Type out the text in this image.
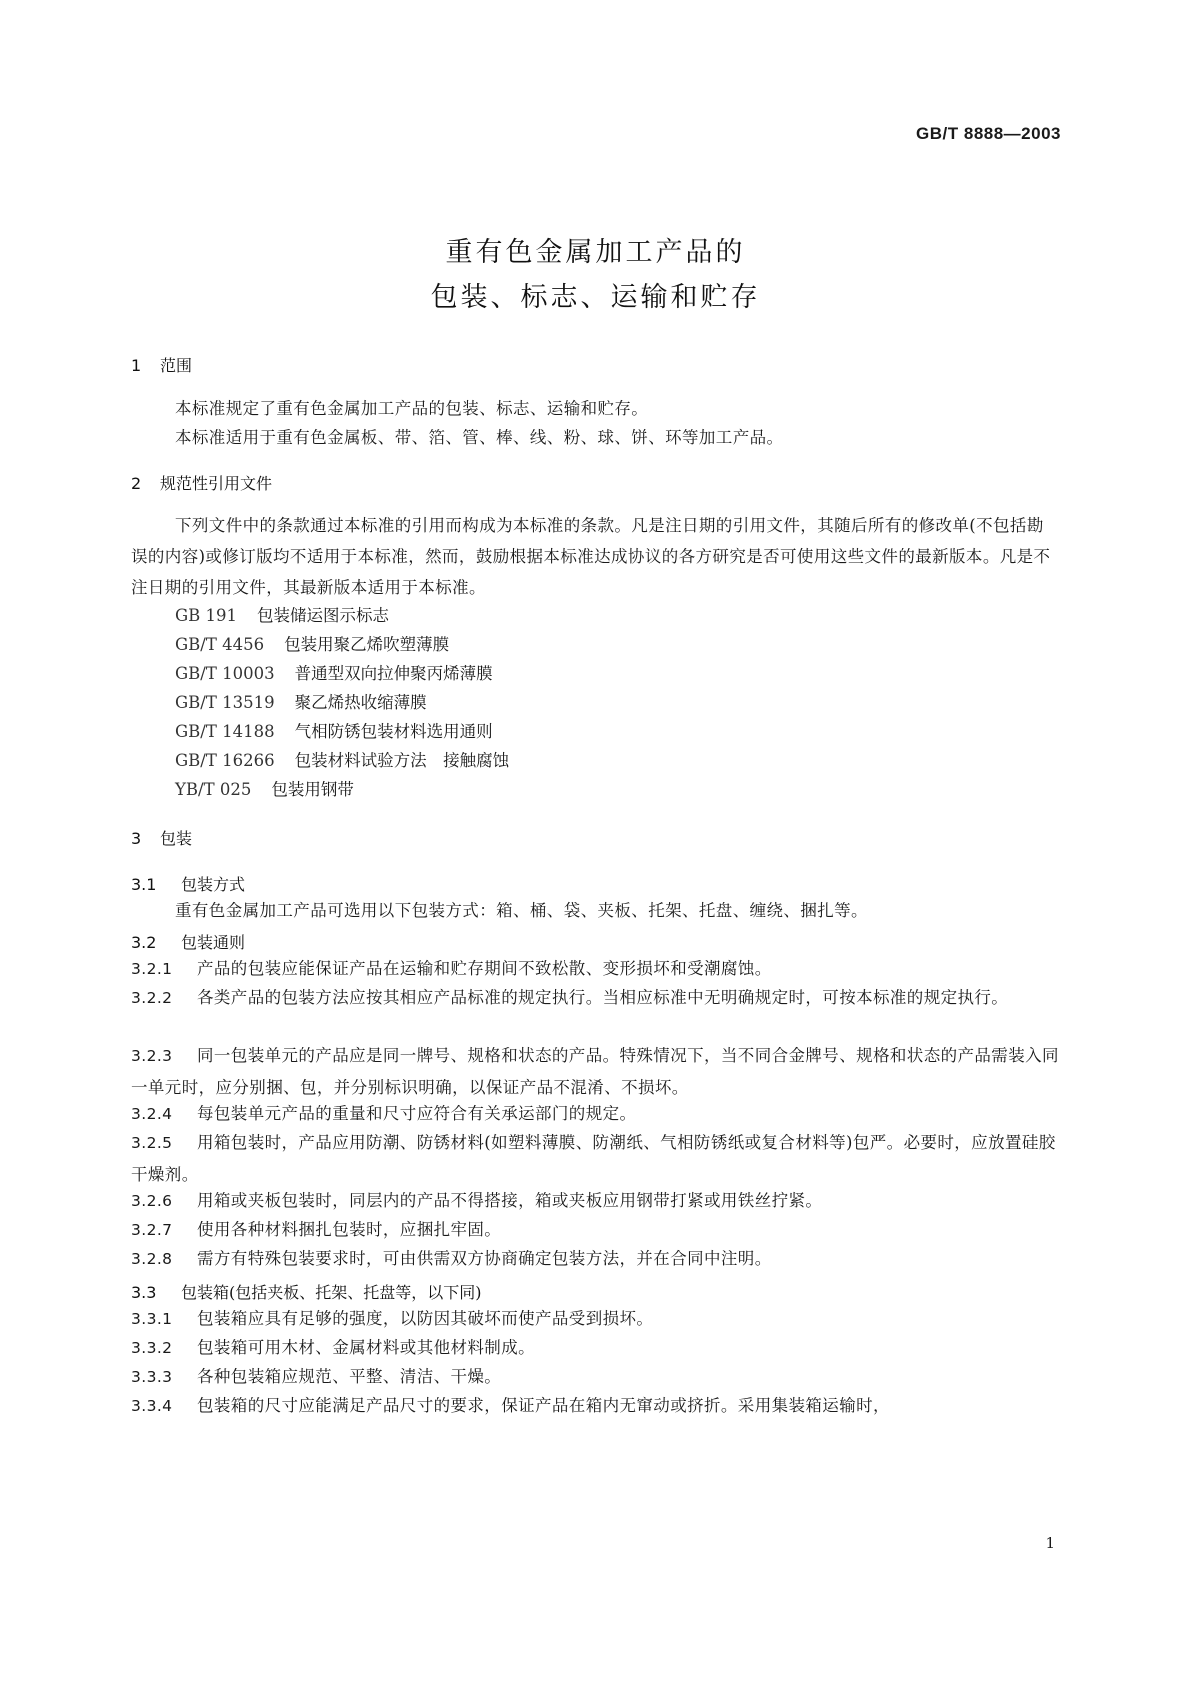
GB/T 8888—2003
重有色金属加工产品的
包装、标志、运输和贮存
1 范围
本标准规定了重有色金属加工产品的包装、标志、运输和贮存。
本标准适用于重有色金属板、带、箔、管、棒、线、粉、球、饼、环等加工产品。
2 规范性引用文件
下列文件中的条款通过本标准的引用而构成为本标准的条款。凡是注日期的引用文件，其随后所有的修改单(不包括勘误的内容)或修订版均不适用于本标准，然而，鼓励根据本标准达成协议的各方研究是否可使用这些文件的最新版本。凡是不注日期的引用文件，其最新版本适用于本标准。
GB 191 包装储运图示标志
GB/T 4456 包装用聚乙烯吹塑薄膜
GB/T 10003 普通型双向拉伸聚丙烯薄膜
GB/T 13519 聚乙烯热收缩薄膜
GB/T 14188 气相防锈包装材料选用通则
GB/T 16266 包装材料试验方法　接触腐蚀
YB/T 025 包装用钢带
3 包装
3.1 包装方式
重有色金属加工产品可选用以下包装方式：箱、桶、袋、夹板、托架、托盘、缠绕、捆扎等。
3.2 包装通则
3.2.1 产品的包装应能保证产品在运输和贮存期间不致松散、变形损坏和受潮腐蚀。
3.2.2 各类产品的包装方法应按其相应产品标准的规定执行。当相应标准中无明确规定时，可按本标准的规定执行。
3.2.3 同一包装单元的产品应是同一牌号、规格和状态的产品。特殊情况下，当不同合金牌号、规格和状态的产品需装入同一单元时，应分别捆、包，并分别标识明确，以保证产品不混淆、不损坏。
3.2.4 每包装单元产品的重量和尺寸应符合有关承运部门的规定。
3.2.5 用箱包装时，产品应用防潮、防锈材料(如塑料薄膜、防潮纸、气相防锈纸或复合材料等)包严。必要时，应放置硅胶干燥剂。
3.2.6 用箱或夹板包装时，同层内的产品不得搭接，箱或夹板应用钢带打紧或用铁丝拧紧。
3.2.7 使用各种材料捆扎包装时，应捆扎牢固。
3.2.8 需方有特殊包装要求时，可由供需双方协商确定包装方法，并在合同中注明。
3.3 包装箱(包括夹板、托架、托盘等，以下同)
3.3.1 包装箱应具有足够的强度，以防因其破坏而使产品受到损坏。
3.3.2 包装箱可用木材、金属材料或其他材料制成。
3.3.3 各种包装箱应规范、平整、清洁、干燥。
3.3.4 包装箱的尺寸应能满足产品尺寸的要求，保证产品在箱内无窜动或挤折。采用集装箱运输时，
1
